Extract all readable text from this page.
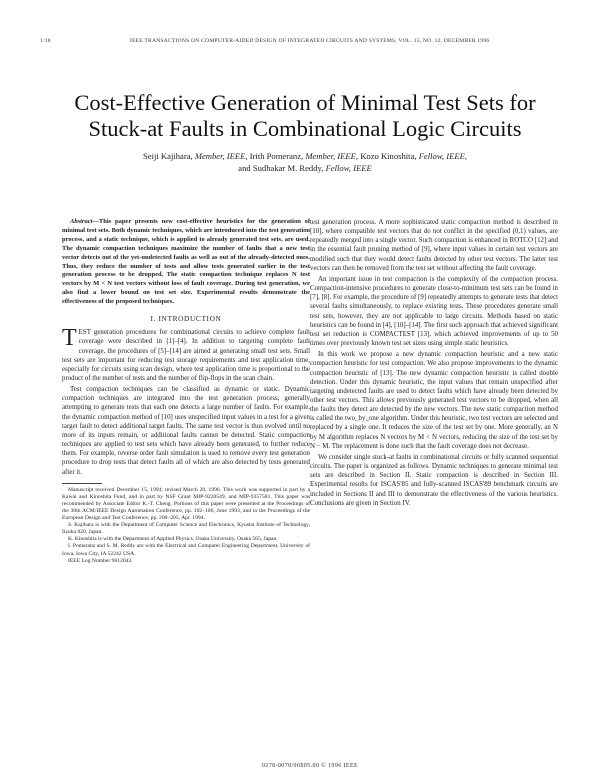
1/18	IEEE TRANSACTIONS ON COMPUTER-AIDED DESIGN OF INTEGRATED CIRCUITS AND SYSTEMS, VOL. 15, NO. 12, DECEMBER 1996
Cost-Effective Generation of Minimal Test Sets for
Stuck-at Faults in Combinational Logic Circuits
Seiji Kajihara, Member, IEEE, Irith Pomeranz, Member, IEEE, Kozo Kinoshita, Fellow, IEEE,
and Sudhakar M. Reddy, Fellow, IEEE

Abstract—This paper presents new cost-effective heuristics for the generation of minimal test sets. Both dynamic techniques, which are introduced into the test generation process, and a static technique, which is applied to already generated test sets, are used. The dynamic compaction techniques maximize the number of faults that a new test vector detects out of the yet-undetected faults as well as out of the already-detected ones. Thus, they reduce the number of tests and allow tests generated earlier in the test generation process to be dropped. The static compaction technique replaces N test vectors by M < N test vectors without loss of fault coverage. During test generation, we also find a lower bound on test set size. Experimental results demonstrate the effectiveness of the proposed techniques.

I. INTRODUCTION

TEST generation procedures for combinational circuits to achieve complete fault coverage were described in [1]–[4]. In addition to targeting complete fault coverage, the procedures of [5]–[14] are aimed at generating small test sets. Small test sets are important for reducing test storage requirements and test application time, especially for circuits using scan design, where test application time is proportional to the product of the number of tests and the number of flip-flops in the scan chain.

Test compaction techniques can be classified as dynamic or static. Dynamic compaction techniques are integrated into the test generation process, generally attempting to generate tests that each one detects a large number of faults. For example, the dynamic compaction method of [10] uses unspecified input values in a test for a given target fault to detect additional target faults. The same test vector is thus evolved until no more of its inputs remain, or additional faults cannot be detected. Static compaction techniques are applied to test sets which have already been generated, to further reduce them. For example, reverse order fault simulation is used to remove every test generation procedure to drop tests that detect faults all of which are also detected by tests generated after it.

Manuscript received December 15, 1994; revised March 20, 1996. This work was supported in part by a Kawai and Kinoshita Fund, and in part by NSF Grant MIP-9220549, and MIP-9357581. This paper was recommended by Associate Editor K.-T. Cheng. Portions of this paper were presented at the Proceedings of the 30th ACM/IEEE Design Automation Conference, pp. 102–106, June 1993, and in the Proceedings of the European Design and Test Conference, pp. 200–205, Apr. 1994.

S. Kajihara is with the Department of Computer Science and Electronics, Kyushu Institute of Technology, Iizuka 820, Japan.

K. Kinoshita is with the Department of Applied Physics, Osaka University, Osaka 565, Japan.

I. Pomeranz and S. M. Reddy are with the Electrical and Computer Engineering Department, University of Iowa, Iowa City, IA 52242 USA.

IEEE Log Number 9612043.

test generation process. A more sophisticated static compaction method is described in [10], where compatible test vectors that do not conflict in the specified (0,1) values, are repeatedly merged into a single vector. Such compaction is enhanced in ROTCO [12] and in the essential fault pruning method of [9], where input values in certain test vectors are modified such that they would detect faults detected by other test vectors. The latter test vectors can then be removed from the test set without affecting the fault coverage.

An important issue in test compaction is the complexity of the compaction process. Compaction-intensive procedures to generate close-to-minimum test sets can be found in [7], [8]. For example, the procedure of [9] repeatedly attempts to generate tests that detect several faults simultaneously, to replace existing tests. These procedures generate small test sets, however, they are not applicable to large circuits. Methods based on static heuristics can be found in [4], [10]–[14]. The first such approach that achieved significant test set reduction is COMPACTEST [13], which achieved improvements of up to 50 times over previously known test set sizes using simple static heuristics.

In this work we propose a new dynamic compaction heuristic and a new static compaction heuristic for test compaction. We also propose improvements to the dynamic compaction heuristic of [13]. The new dynamic compaction heuristic is called double detection. Under this dynamic heuristic, the input values that remain unspecified after targeting undetected faults are used to detect faults which have already been detected by other test vectors. This allows previously generated test vectors to be dropped, when all the faults they detect are detected by the new vectors. The new static compaction method is called the two_by_one algorithm. Under this heuristic, two test vectors are selected and replaced by a single one. It reduces the size of the test set by one. More generally, an N by M algorithm replaces N vectors by M < N vectors, reducing the size of the test set by N − M. The replacement is done such that the fault coverage does not decrease.

We consider single stuck-at faults in combinational circuits or fully scanned sequential circuits. The paper is organized as follows. Dynamic techniques to generate minimal test sets are described in Section II. Static compaction is described in Section III. Experimental results for ISCAS'85 and fully-scanned ISCAS'89 benchmark circuits are included in Sections II and III to demonstrate the effectiveness of the various heuristics. Conclusions are given in Section IV.

0278-0070/96$05.00 © 1996 IEEE
